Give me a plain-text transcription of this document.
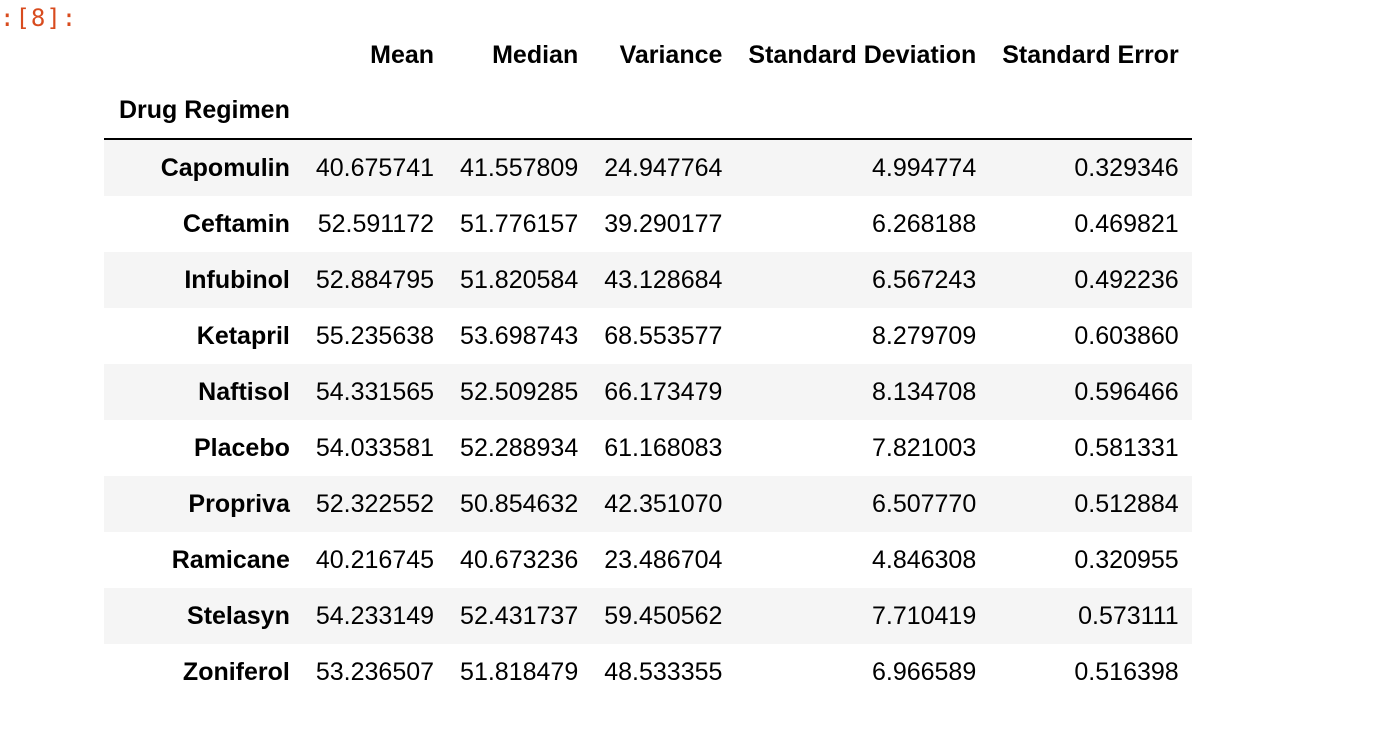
:[8]:
	Mean	Median	Variance	Standard Deviation	Standard Error
Drug Regimen					
Capomulin	40.675741	41.557809	24.947764	4.994774	0.329346
Ceftamin	52.591172	51.776157	39.290177	6.268188	0.469821
Infubinol	52.884795	51.820584	43.128684	6.567243	0.492236
Ketapril	55.235638	53.698743	68.553577	8.279709	0.603860
Naftisol	54.331565	52.509285	66.173479	8.134708	0.596466
Placebo	54.033581	52.288934	61.168083	7.821003	0.581331
Propriva	52.322552	50.854632	42.351070	6.507770	0.512884
Ramicane	40.216745	40.673236	23.486704	4.846308	0.320955
Stelasyn	54.233149	52.431737	59.450562	7.710419	0.573111
Zoniferol	53.236507	51.818479	48.533355	6.966589	0.516398
